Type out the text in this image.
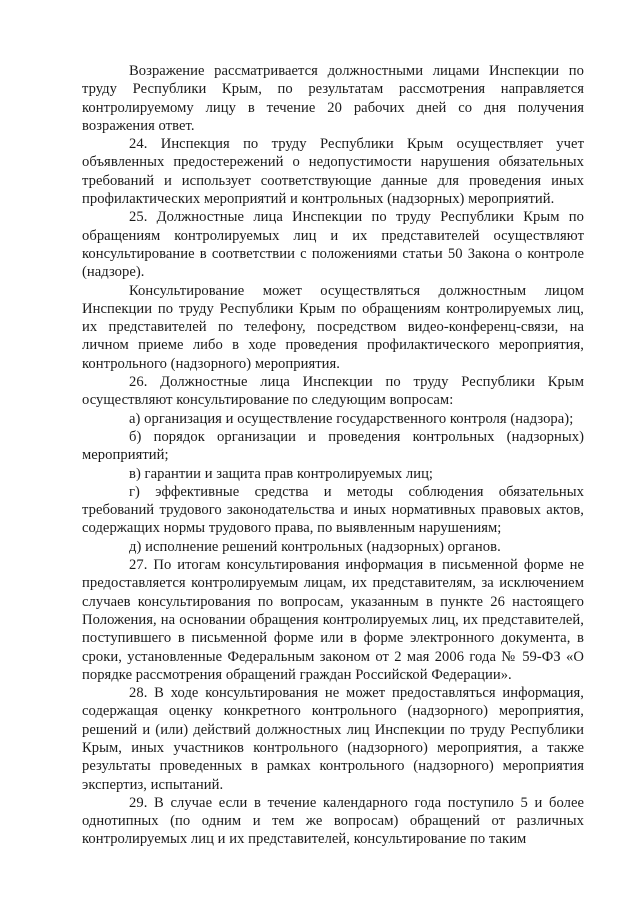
Возражение рассматривается должностными лицами Инспекции по труду Республики Крым, по результатам рассмотрения направляется контролируемому лицу в течение 20 рабочих дней со дня получения возражения ответ.

24. Инспекция по труду Республики Крым осуществляет учет объявленных предостережений о недопустимости нарушения обязательных требований и использует соответствующие данные для проведения иных профилактических мероприятий и контрольных (надзорных) мероприятий.

25. Должностные лица Инспекции по труду Республики Крым по обращениям контролируемых лиц и их представителей осуществляют консультирование в соответствии с положениями статьи 50 Закона о контроле (надзоре).

Консультирование может осуществляться должностным лицом Инспекции по труду Республики Крым по обращениям контролируемых лиц, их представителей по телефону, посредством видео-конференц-связи, на личном приеме либо в ходе проведения профилактического мероприятия, контрольного (надзорного) мероприятия.

26. Должностные лица Инспекции по труду Республики Крым осуществляют консультирование по следующим вопросам:

а) организация и осуществление государственного контроля (надзора);

б) порядок организации и проведения контрольных (надзорных) мероприятий;

в) гарантии и защита прав контролируемых лиц;

г) эффективные средства и методы соблюдения обязательных требований трудового законодательства и иных нормативных правовых актов, содержащих нормы трудового права, по выявленным нарушениям;

д) исполнение решений контрольных (надзорных) органов.

27. По итогам консультирования информация в письменной форме не предоставляется контролируемым лицам, их представителям, за исключением случаев консультирования по вопросам, указанным в пункте 26 настоящего Положения, на основании обращения контролируемых лиц, их представителей, поступившего в письменной форме или в форме электронного документа, в сроки, установленные Федеральным законом от 2 мая 2006 года № 59-ФЗ «О порядке рассмотрения обращений граждан Российской Федерации».

28. В ходе консультирования не может предоставляться информация, содержащая оценку конкретного контрольного (надзорного) мероприятия, решений и (или) действий должностных лиц Инспекции по труду Республики Крым, иных участников контрольного (надзорного) мероприятия, а также результаты проведенных в рамках контрольного (надзорного) мероприятия экспертиз, испытаний.

29. В случае если в течение календарного года поступило 5 и более однотипных (по одним и тем же вопросам) обращений от различных контролируемых лиц и их представителей, консультирование по таким
